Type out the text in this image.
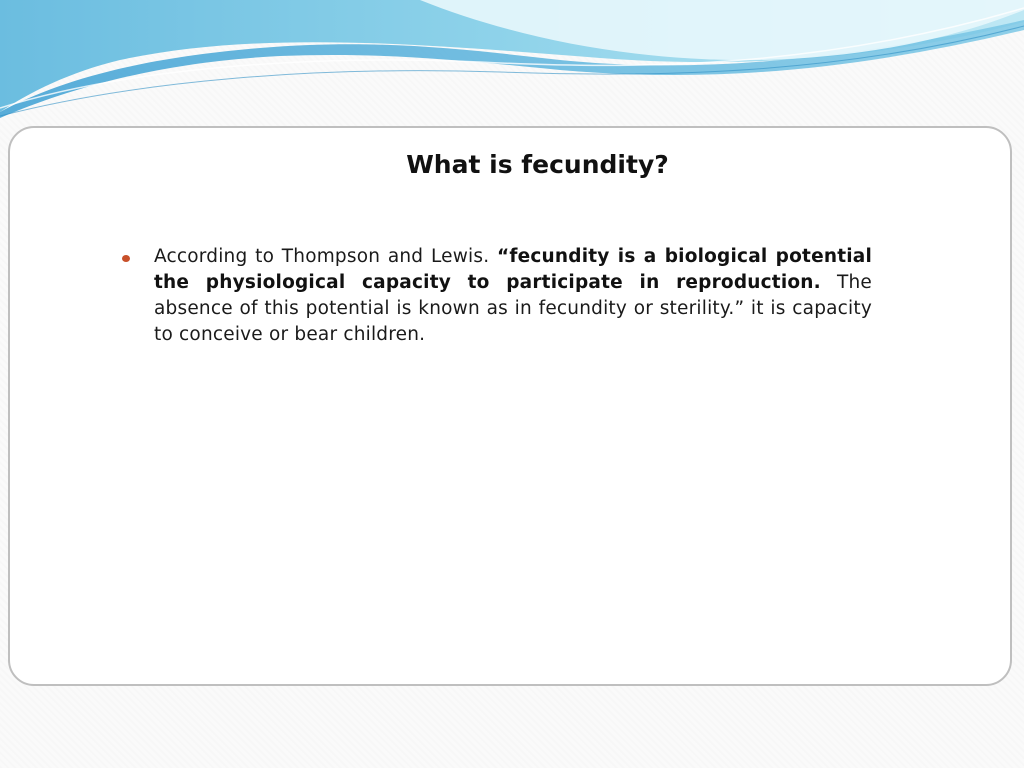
What is fecundity?
According to Thompson and Lewis. “fecundity is a biological potential the physiological capacity to participate in reproduction. The absence of this potential is known as in fecundity or sterility.” it is capacity to conceive or bear children.
